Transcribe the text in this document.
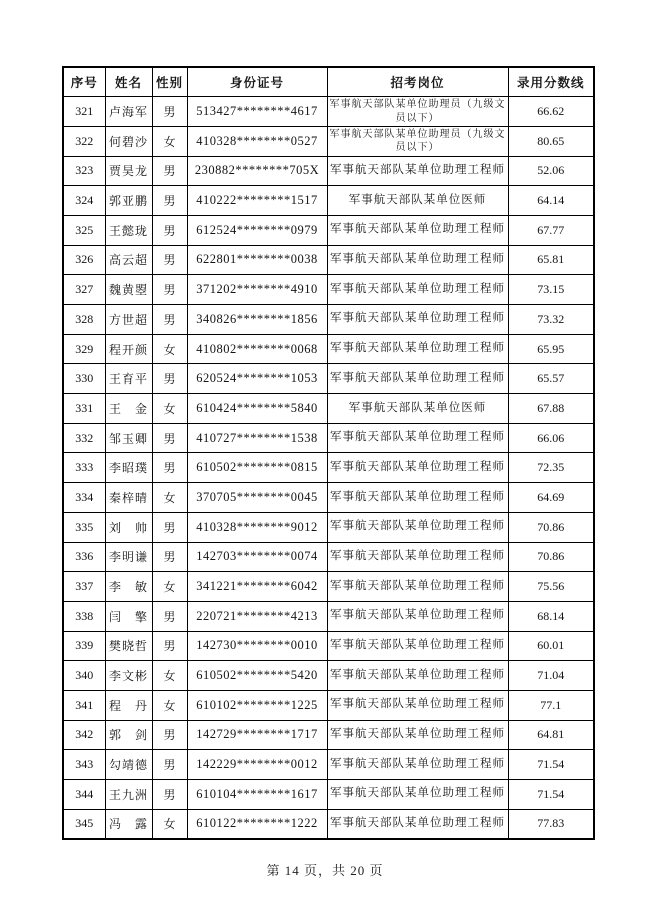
序号	姓名	性别	身份证号	招考岗位	录用分数线
321	卢海军	男	513427********4617	军事航天部队某单位助理员（九级文员以下）	66.62
322	何碧沙	女	410328********0527	军事航天部队某单位助理员（九级文员以下）	80.65
323	贾昊龙	男	230882********705X	军事航天部队某单位助理工程师	52.06
324	郭亚鹏	男	410222********1517	军事航天部队某单位医师	64.14
325	王懿珑	男	612524********0979	军事航天部队某单位助理工程师	67.77
326	高云超	男	622801********0038	军事航天部队某单位助理工程师	65.81
327	魏黄曌	男	371202********4910	军事航天部队某单位助理工程师	73.15
328	方世超	男	340826********1856	军事航天部队某单位助理工程师	73.32
329	程开颜	女	410802********0068	军事航天部队某单位助理工程师	65.95
330	王育平	男	620524********1053	军事航天部队某单位助理工程师	65.57
331	王　金	女	610424********5840	军事航天部队某单位医师	67.88
332	邹玉卿	男	410727********1538	军事航天部队某单位助理工程师	66.06
333	李昭璞	男	610502********0815	军事航天部队某单位助理工程师	72.35
334	秦梓晴	女	370705********0045	军事航天部队某单位助理工程师	64.69
335	刘　帅	男	410328********9012	军事航天部队某单位助理工程师	70.86
336	李明谦	男	142703********0074	军事航天部队某单位助理工程师	70.86
337	李　敏	女	341221********6042	军事航天部队某单位助理工程师	75.56
338	闫　擎	男	220721********4213	军事航天部队某单位助理工程师	68.14
339	樊晓哲	男	142730********0010	军事航天部队某单位助理工程师	60.01
340	李文彬	女	610502********5420	军事航天部队某单位助理工程师	71.04
341	程　丹	女	610102********1225	军事航天部队某单位助理工程师	77.1
342	郭　剑	男	142729********1717	军事航天部队某单位助理工程师	64.81
343	勾靖德	男	142229********0012	军事航天部队某单位助理工程师	71.54
344	王九洲	男	610104********1617	军事航天部队某单位助理工程师	71.54
345	冯　露	女	610122********1222	军事航天部队某单位助理工程师	77.83
第 14 页，共 20 页
